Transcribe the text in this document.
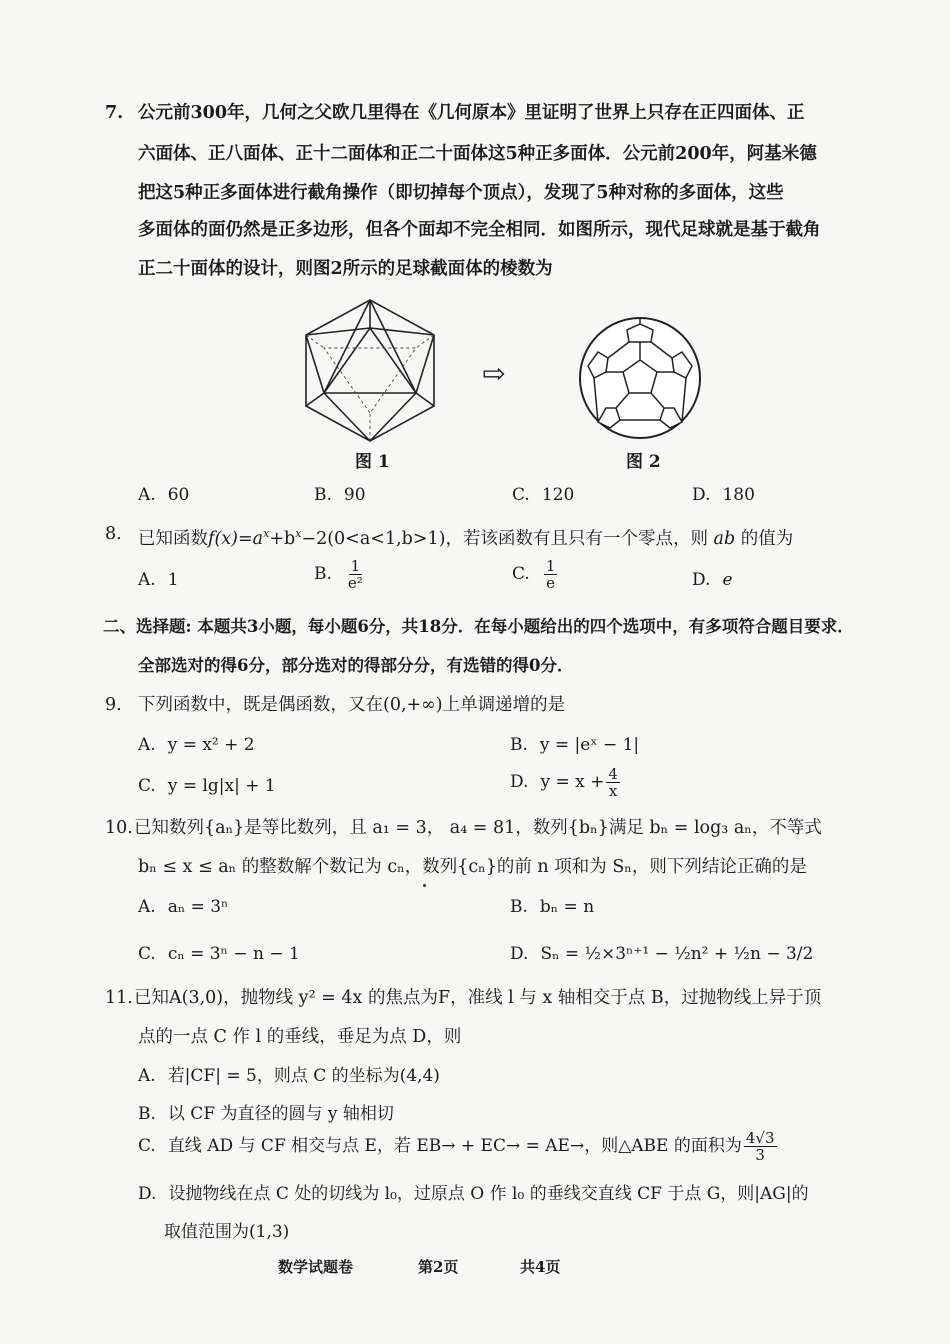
7. 公元前300年，几何之父欧几里得在《几何原本》里证明了世界上只存在正四面体、正
六面体、正八面体、正十二面体和正二十面体这5种正多面体．公元前200年，阿基米德
把这5种正多面体进行截角操作（即切掉每个顶点），发现了5种对称的多面体，这些
多面体的面仍然是正多边形，但各个面却不完全相同．如图所示，现代足球就是基于截角
正二十面体的设计，则图2所示的足球截面体的棱数为
⇨
图 1	图 2
A. 60	B. 90	C. 120	D. 180
8. 已知函数$f(x)=a^x+b^x-2(0<a<1,b>1)$，若该函数有且只有一个零点，则 ab 的值为
A. 1	B. $\frac{1}{\text{e²}}$	C. $\frac{1}{e}$	D. e
二、选择题: 本题共3小题，每小题6分，共18分．在每小题给出的四个选项中，有多项符合题目要求．
全部选对的得6分，部分选对的得部分分，有选错的得0分．
9. 下列函数中，既是偶函数，又在(0,+∞)上单调递增的是
A. y = x² + 2	B. y = |eˣ − 1|
C. y = lg|x| + 1	D. $y = x + \frac{4}{x}$
10. 已知数列{aₙ}是等比数列，且 a₁ = 3， a₄ = 81，数列{bₙ}满足 bₙ = log₃ aₙ，不等式
bₙ ≤ x ≤ aₙ 的整数解个数记为 cₙ，数列{cₙ}的前 n 项和为 Sₙ，则下列结论正确的是
A. aₙ = 3ⁿ	B. bₙ = n
C. cₙ = 3ⁿ − n − 1	D. Sₙ = ½×3ⁿ⁺¹ − ½n² + ½n − 3/2
11. 已知A(3,0)，抛物线 y² = 4x 的焦点为F，准线 l 与 x 轴相交于点 B，过抛物线上异于顶
点的一点 C 作 l 的垂线，垂足为点 D，则
A. 若|CF| = 5，则点 C 的坐标为(4,4)
B. 以 CF 为直径的圆与 y 轴相切
C. 直线 AD 与 CF 相交与点 E，若 EB→ + EC→ = AE→，则△ABE 的面积为 $\frac{4√3}{3}$
D. 设抛物线在点 C 处的切线为 l₀，过原点 O 作 l₀ 的垂线交直线 CF 于点 G，则|AG|的
取值范围为(1,3)
数学试题卷	第2页	共4页
